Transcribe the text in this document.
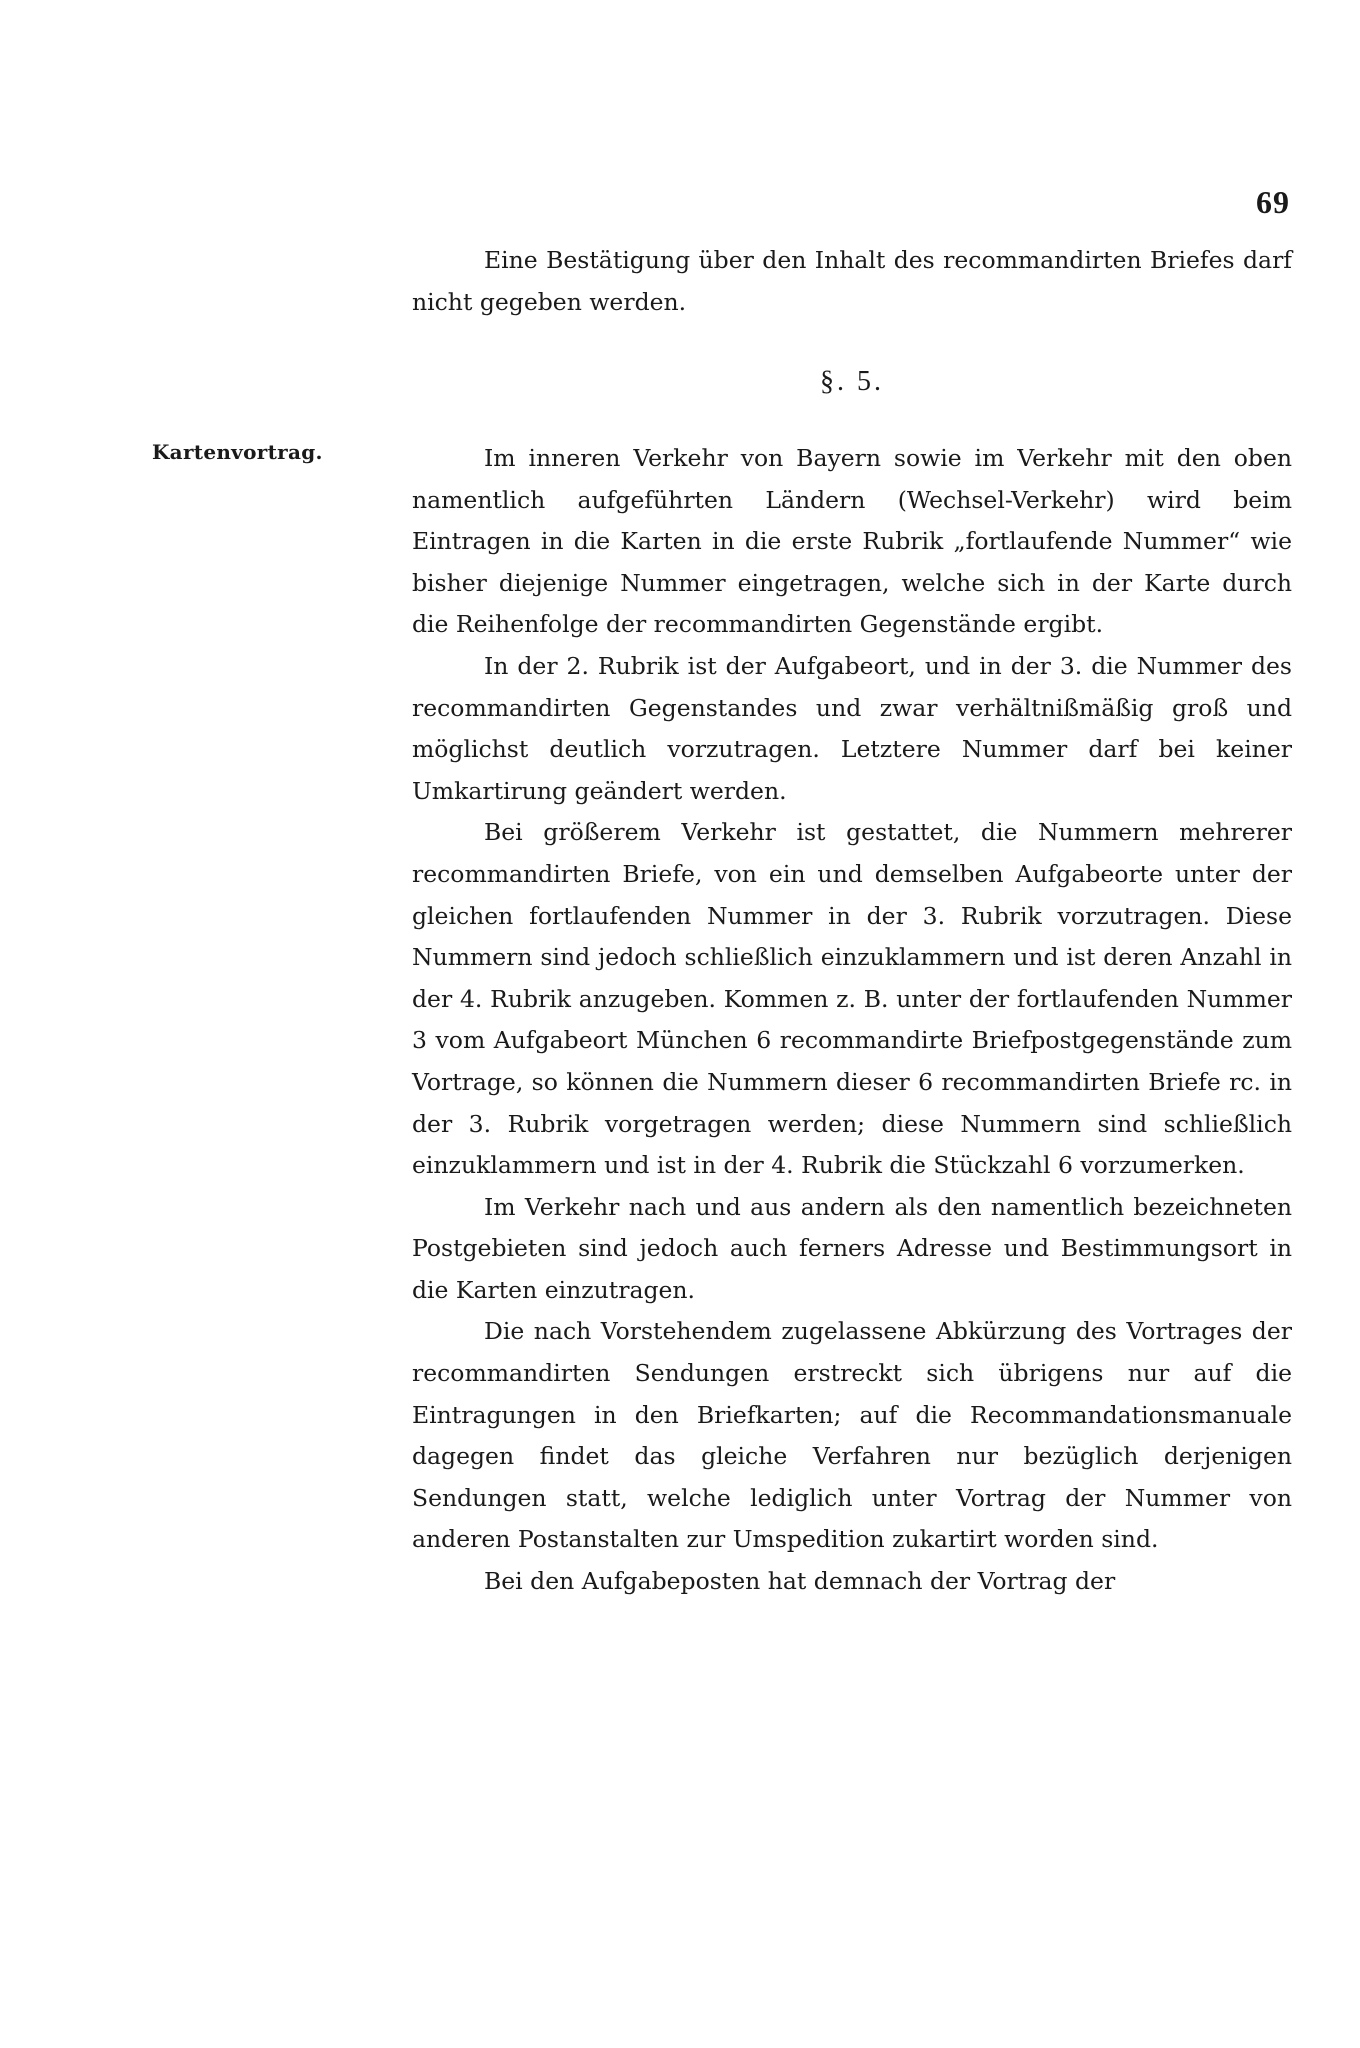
69

Eine Bestätigung über den Inhalt des recommandirten Briefes darf nicht gegeben werden.

§. 5.
Kartenvortrag.	Im inneren Verkehr von Bayern sowie im Verkehr mit den oben namentlich aufgeführten Ländern (Wechsel-Verkehr) wird beim Eintragen in die Karten in die erste Rubrik „fortlaufende Nummer“ wie bisher diejenige Nummer eingetragen, welche sich in der Karte durch die Reihenfolge der recommandirten Gegenstände ergibt.

In der 2. Rubrik ist der Aufgabeort, und in der 3. die Nummer des recommandirten Gegenstandes und zwar verhältnißmäßig groß und möglichst deutlich vorzutragen. Letztere Nummer darf bei keiner Umkartirung geändert werden.

Bei größerem Verkehr ist gestattet, die Nummern mehrerer recommandirten Briefe, von ein und demselben Aufgabeorte unter der gleichen fortlaufenden Nummer in der 3. Rubrik vorzutragen. Diese Nummern sind jedoch schließlich einzuklammern und ist deren Anzahl in der 4. Rubrik anzugeben. Kommen z. B. unter der fortlaufenden Nummer 3 vom Aufgabeort München 6 recommandirte Briefpostgegenstände zum Vortrage, so können die Nummern dieser 6 recommandirten Briefe rc. in der 3. Rubrik vorgetragen werden; diese Nummern sind schließlich einzuklammern und ist in der 4. Rubrik die Stückzahl 6 vorzumerken.

Im Verkehr nach und aus andern als den namentlich bezeichneten Postgebieten sind jedoch auch ferners Adresse und Bestimmungsort in die Karten einzutragen.

Die nach Vorstehendem zugelassene Abkürzung des Vortrages der recommandirten Sendungen erstreckt sich übrigens nur auf die Eintragungen in den Briefkarten; auf die Recommandationsmanuale dagegen findet das gleiche Verfahren nur bezüglich derjenigen Sendungen statt, welche lediglich unter Vortrag der Nummer von anderen Postanstalten zur Umspedition zukartirt worden sind.

Bei den Aufgabeposten hat demnach der Vortrag der
